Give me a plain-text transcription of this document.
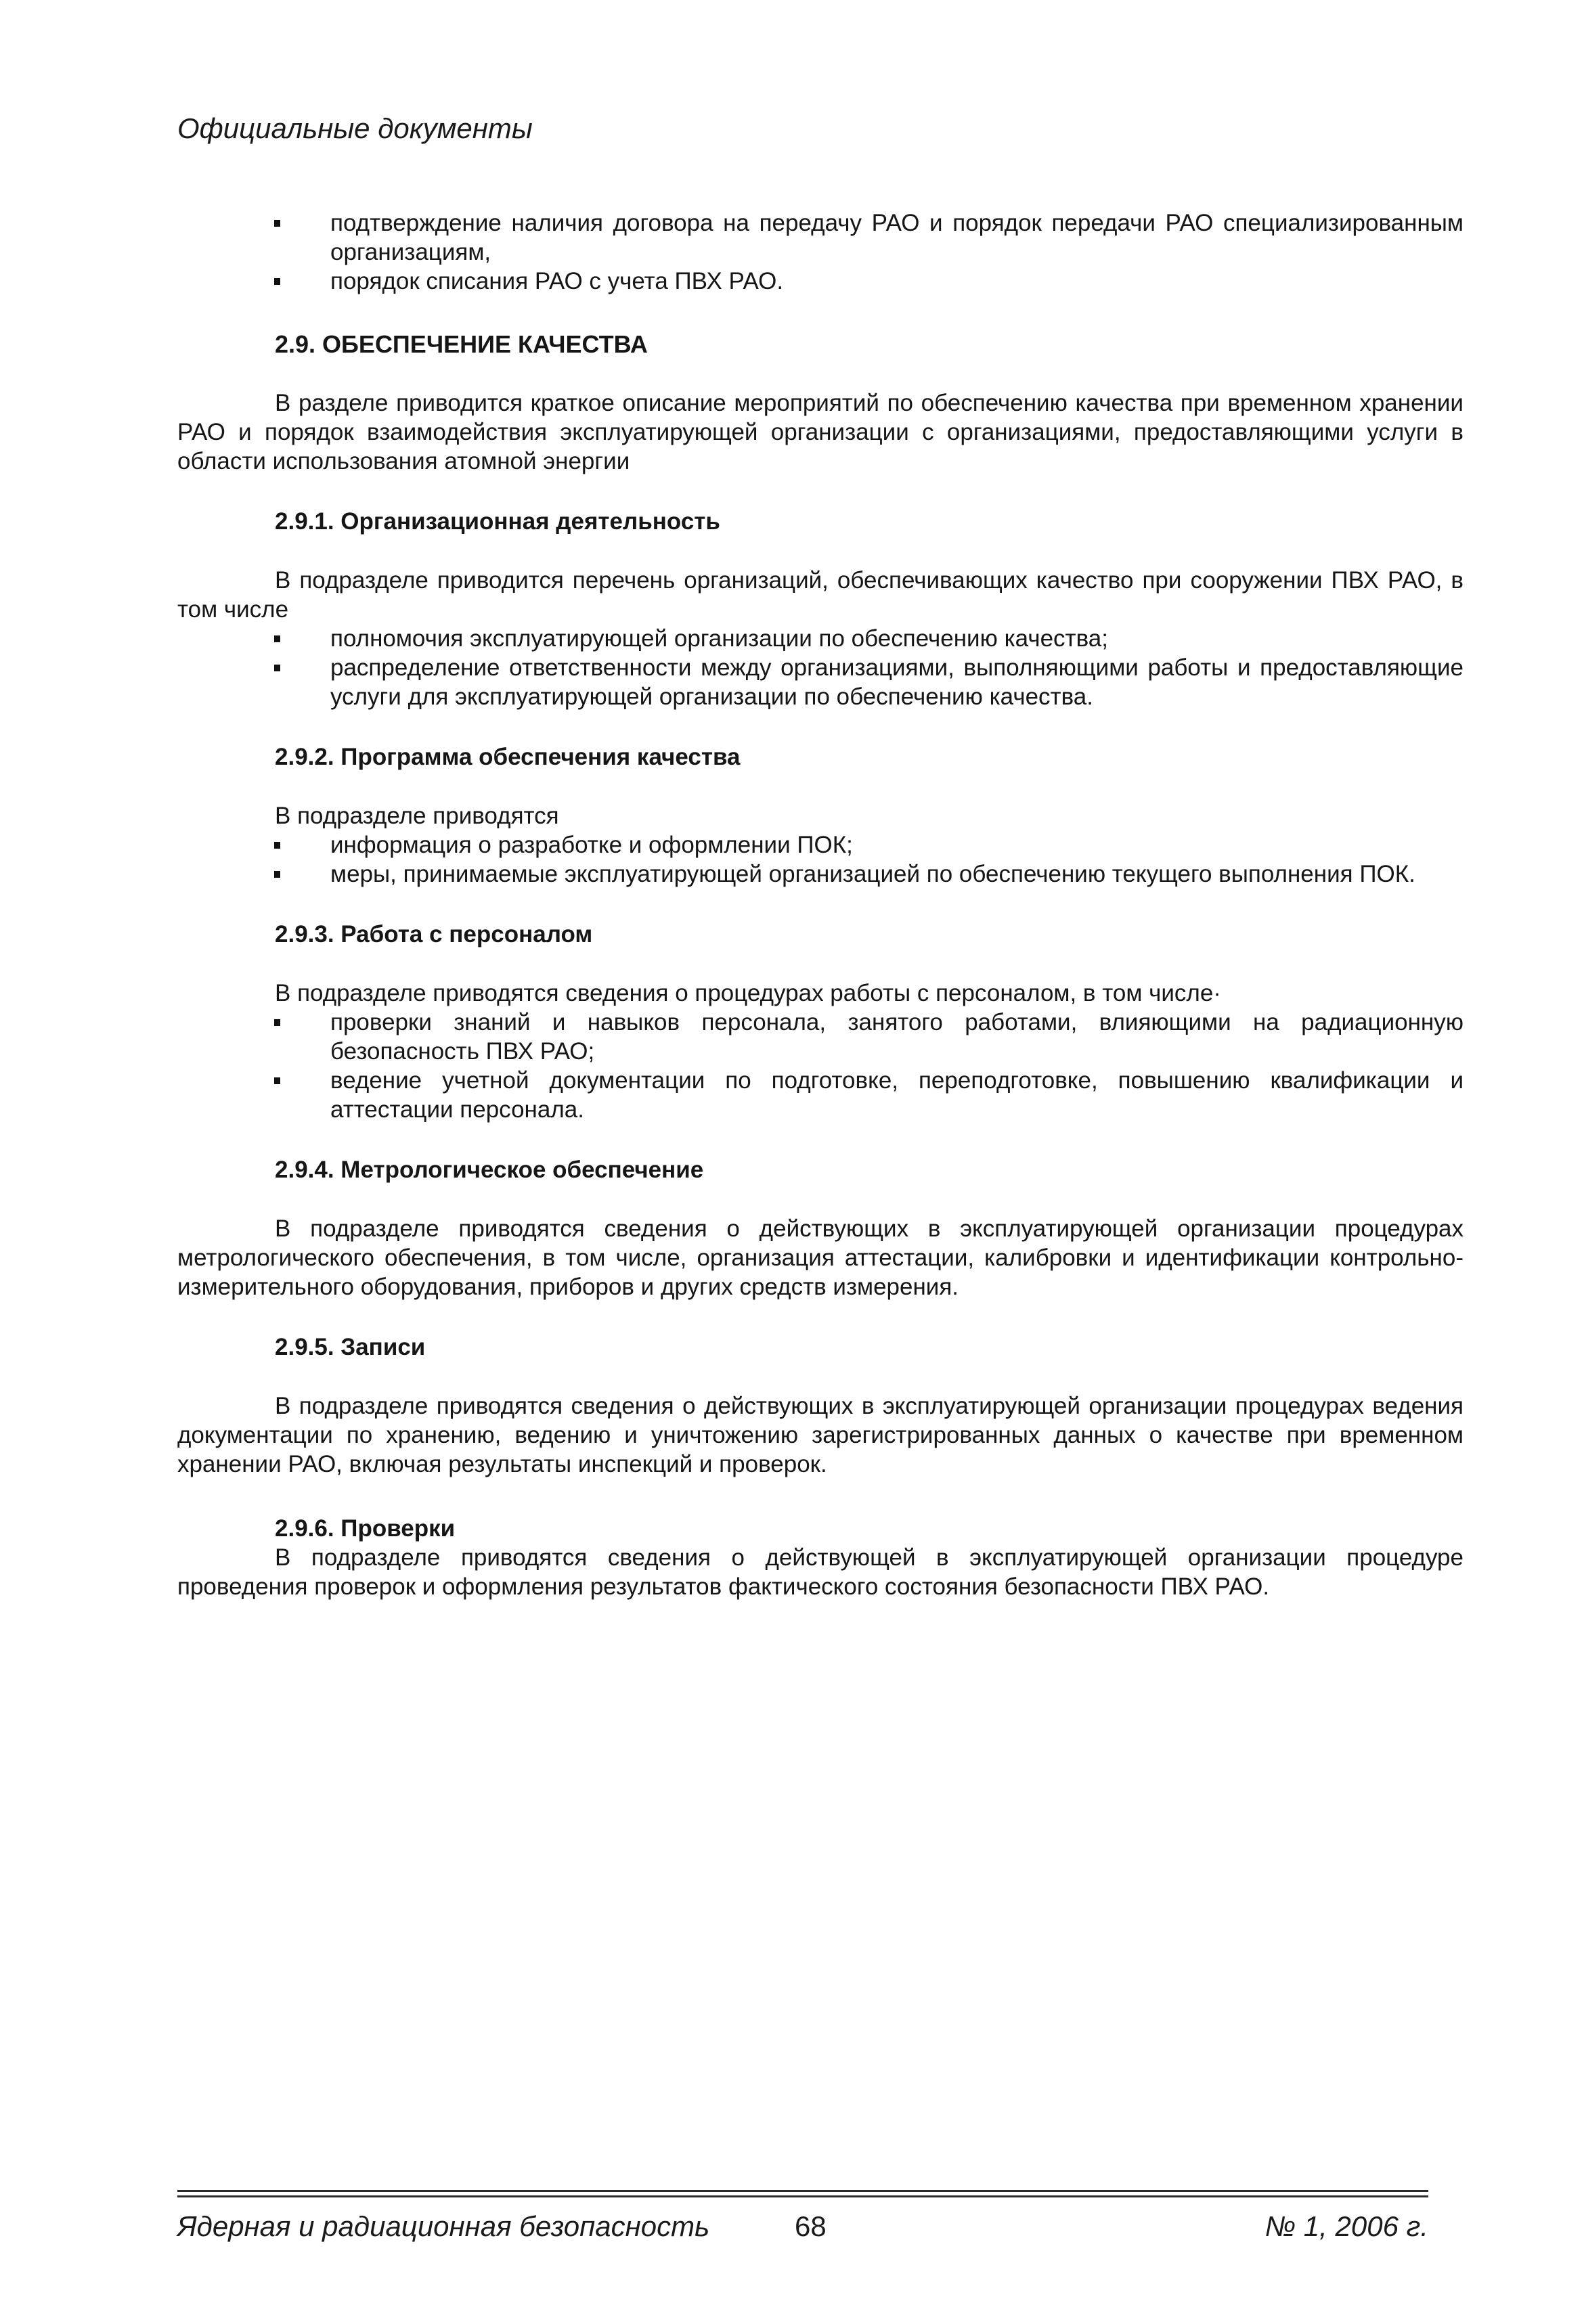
Официальные документы
подтверждение наличия договора на передачу РАО и порядок передачи РАО специализированным организациям,
порядок списания РАО с учета ПВХ РАО.
2.9. ОБЕСПЕЧЕНИЕ КАЧЕСТВА

В разделе приводится краткое описание мероприятий по обеспечению качества при временном хранении РАО и порядок взаимодействия эксплуатирующей организации с организациями, предоставляющими услуги в области использования атомной энергии

2.9.1. Организационная деятельность

В подразделе приводится перечень организаций, обеспечивающих качество при сооружении ПВХ РАО, в том числе

полномочия эксплуатирующей организации по обеспечению качества;
распределение ответственности между организациями, выполняющими работы и предоставляющие услуги для эксплуатирующей организации по обеспечению качества.
2.9.2. Программа обеспечения качества

В подразделе приводятся

информация о разработке и оформлении ПОК;
меры, принимаемые эксплуатирующей организацией по обеспечению текущего выполнения ПОК.
2.9.3. Работа с персоналом

В подразделе приводятся сведения о процедурах работы с персоналом, в том числе·

проверки знаний и навыков персонала, занятого работами, влияющими на радиационную безопасность ПВХ РАО;
ведение учетной документации по подготовке, переподготовке, повышению квалификации и аттестации персонала.
2.9.4. Метрологическое обеспечение

В подразделе приводятся сведения о действующих в эксплуатирующей организации процедурах метрологического обеспечения, в том числе, организация аттестации, калибровки и идентификации контрольно-измерительного оборудования, приборов и других средств измерения.

2.9.5. Записи

В подразделе приводятся сведения о действующих в эксплуатирующей организации процедурах ведения документации по хранению, ведению и уничтожению зарегистрированных данных о качестве при временном хранении РАО, включая результаты инспекций и проверок.

2.9.6. Проверки

В подразделе приводятся сведения о действующей в эксплуатирующей организации процедуре проведения проверок и оформления результатов фактического состояния безопасности ПВХ РАО.

Ядерная и радиационная безопасность	68	№ 1, 2006 г.
